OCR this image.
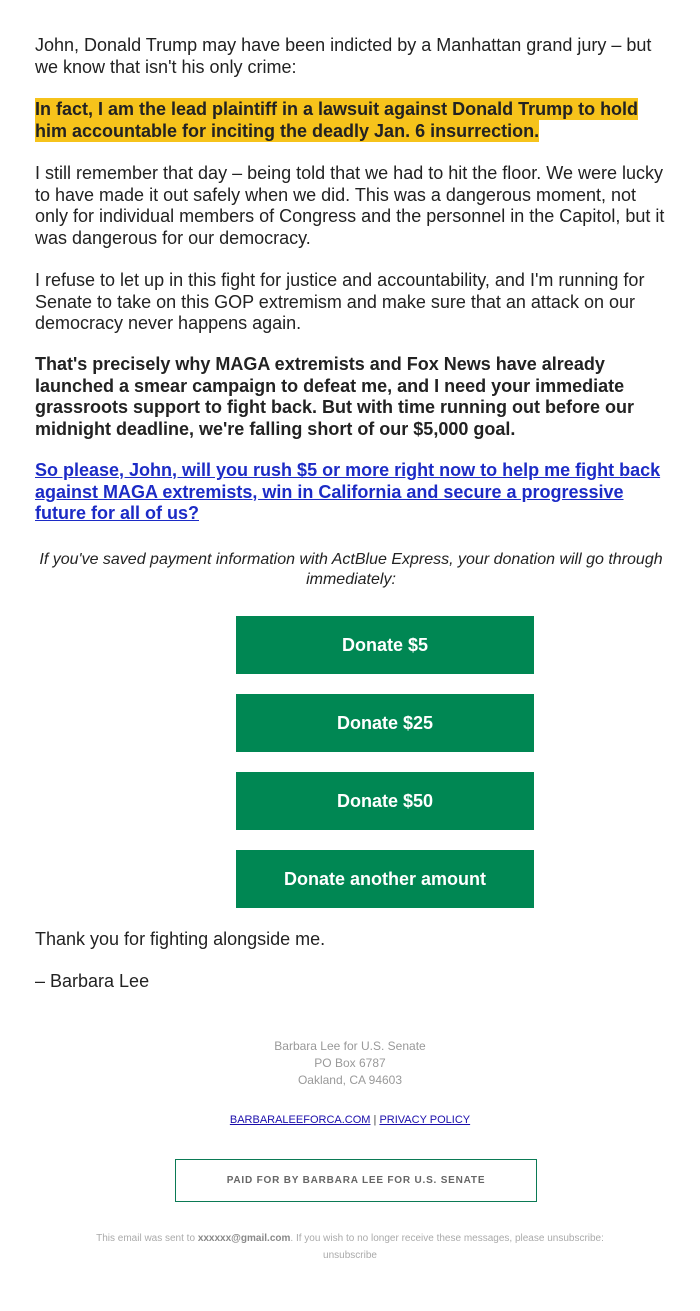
John, Donald Trump may have been indicted by a Manhattan grand jury – but we know that isn't his only crime:

In fact, I am the lead plaintiff in a lawsuit against Donald Trump to hold him accountable for inciting the deadly Jan. 6 insurrection.

I still remember that day – being told that we had to hit the floor. We were lucky to have made it out safely when we did. This was a dangerous moment, not only for individual members of Congress and the personnel in the Capitol, but it was dangerous for our democracy.

I refuse to let up in this fight for justice and accountability, and I'm running for Senate to take on this GOP extremism and make sure that an attack on our democracy never happens again.

That's precisely why MAGA extremists and Fox News have already launched a smear campaign to defeat me, and I need your immediate grassroots support to fight back. But with time running out before our midnight deadline, we're falling short of our $5,000 goal.

So please, John, will you rush $5 or more right now to help me fight back against MAGA extremists, win in California and secure a progressive future for all of us?

If you've saved payment information with ActBlue Express, your donation will go through immediately:
Donate $5
Donate $25
Donate $50
Donate another amount

Thank you for fighting alongside me.

– Barbara Lee

Barbara Lee for U.S. Senate
PO Box 6787
Oakland, CA 94603
BARBARALEEFORCA.COM | PRIVACY POLICY
PAID FOR BY BARBARA LEE FOR U.S. SENATE
This email was sent to xxxxxx@gmail.com. If you wish to no longer receive these messages, please unsubscribe:
unsubscribe
